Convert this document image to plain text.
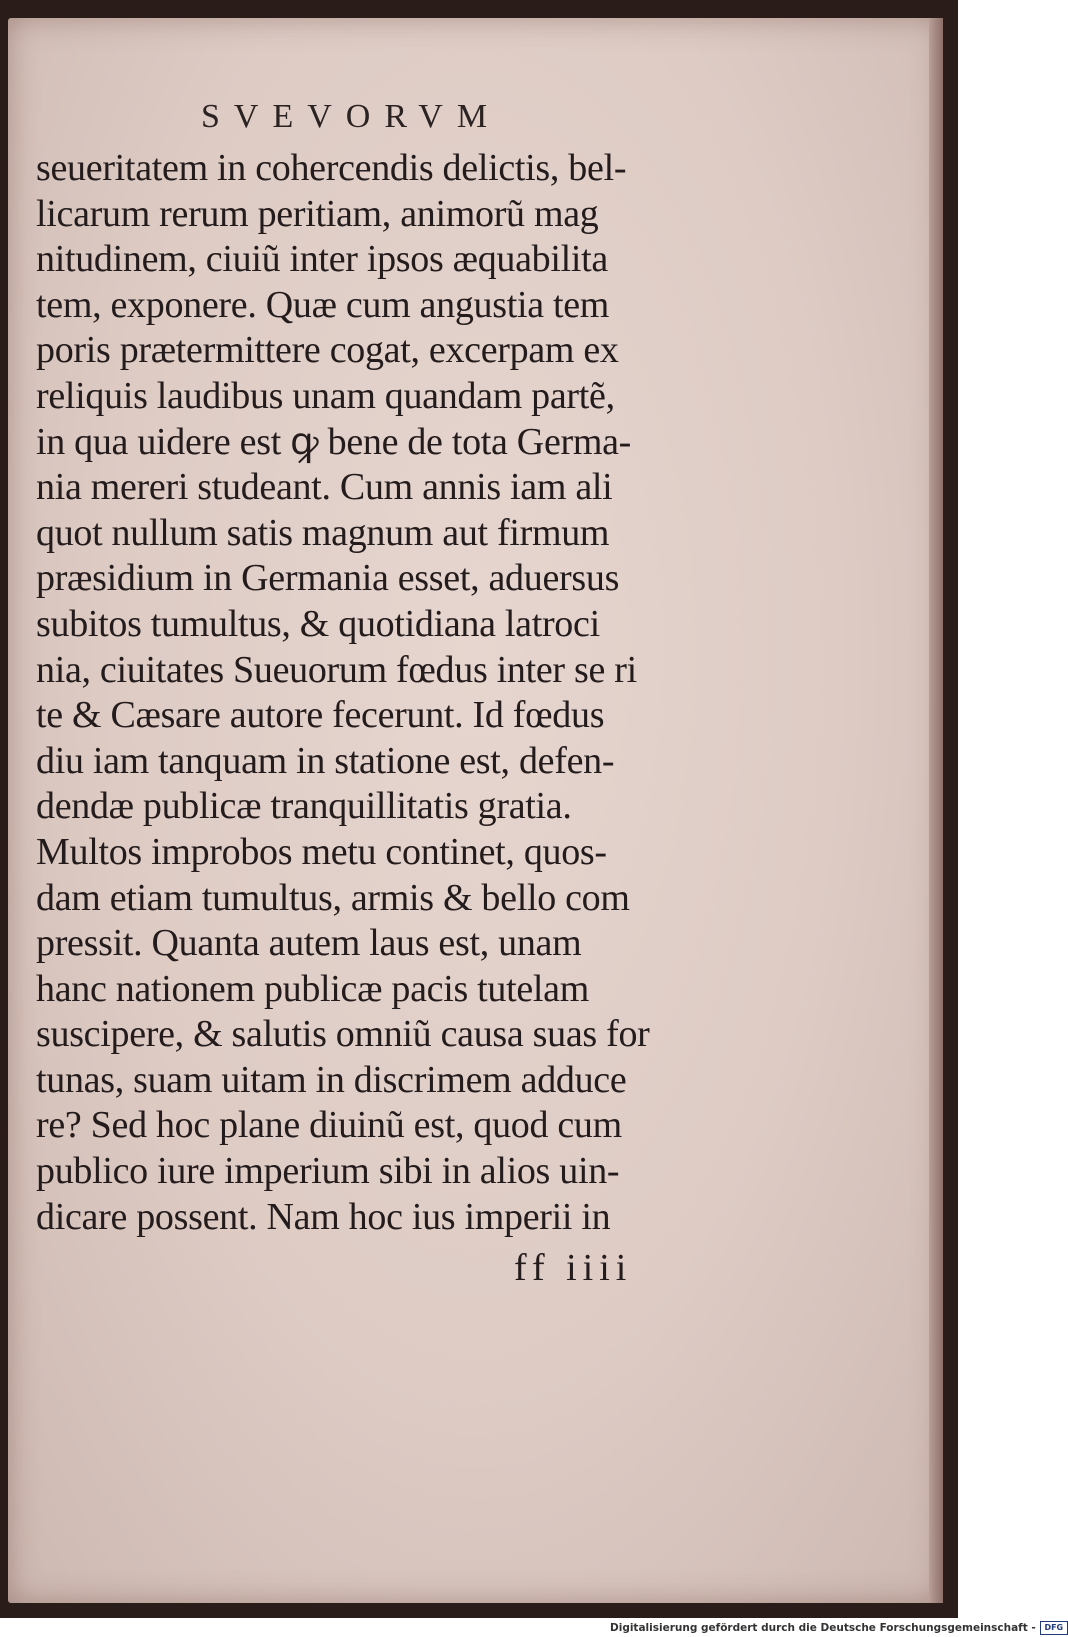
SVEVORVM
seueritatem in cohercendis delictis, bel-
licarum rerum peritiam, animorũ mag
nitudinem, ciuiũ inter ipsos æquabilita
tem, exponere. Quæ cum angustia tem
poris prætermittere cogat, excerpam ex
reliquis laudibus unam quandam partẽ,
in qua uidere est ꝙ bene de tota Germa-
nia mereri studeant. Cum annis iam ali
quot nullum satis magnum aut firmum
præsidium in Germania esset, aduersus
subitos tumultus, & quotidiana latroci
nia, ciuitates Sueuorum fœdus inter se ri
te & Cæsare autore fecerunt. Id fœdus
diu iam tanquam in statione est, defen-
dendæ publicæ tranquillitatis gratia.
Multos improbos metu continet, quos-
dam etiam tumultus, armis & bello com
pressit. Quanta autem laus est, unam
hanc nationem publicæ pacis tutelam
suscipere, & salutis omniũ causa suas for
tunas, suam uitam in discrimem adduce
re? Sed hoc plane diuinũ est, quod cum
publico iure imperium sibi in alios uin-
dicare possent. Nam hoc ius imperii in
ff iiii
Digitalisierung gefördert durch die Deutsche Forschungsgemeinschaft -	DFG
